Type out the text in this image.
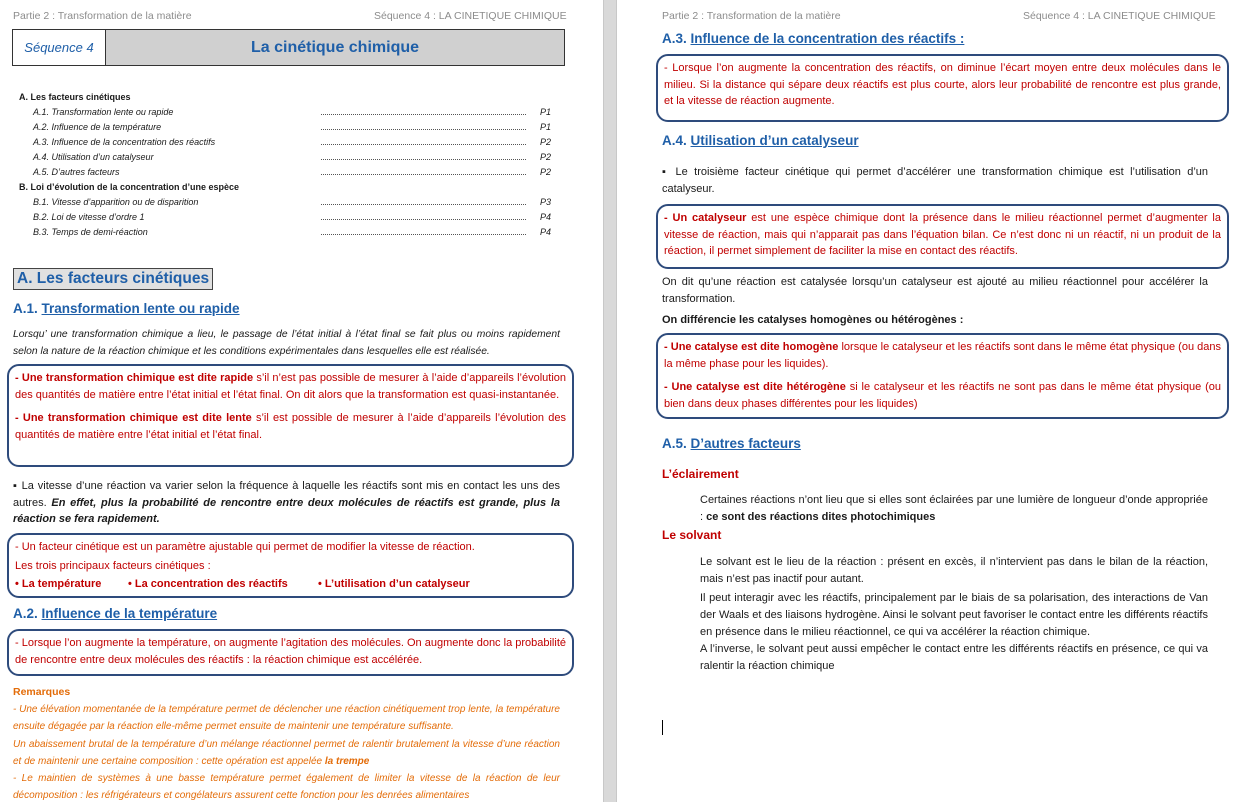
Partie 2 : Transformation de la matière	Séquence 4 : LA CINETIQUE CHIMIQUE
Séquence 4	La cinétique chimique
A. Les facteurs cinétiques
A.1. Transformation lente ou rapide	P1
A.2. Influence de la température	P1
A.3. Influence de la concentration des réactifs	P2
A.4. Utilisation d’un catalyseur	P2
A.5. D’autres facteurs	P2
B. Loi d’évolution de la concentration d’une espèce
B.1. Vitesse d’apparition ou de disparition	P3
B.2. Loi de vitesse d’ordre 1	P4
B.3. Temps de demi-réaction	P4
A. Les facteurs cinétiques
A.1. Transformation lente ou rapide
Lorsqu’ une transformation chimique a lieu, le passage de l’état initial à l’état final se fait plus ou moins rapidement selon la nature de la réaction chimique et les conditions expérimentales dans lesquelles elle est réalisée.

- Une transformation chimique est dite rapide s’il n’est pas possible de mesurer à l’aide d’appareils l’évolution des quantités de matière entre l’état initial et l’état final. On dit alors que la transformation est quasi-instantanée.

- Une transformation chimique est dite lente s’il est possible de mesurer à l’aide d’appareils l’évolution des quantités de matière entre l’état initial et l’état final.

▪ La vitesse d’une réaction va varier selon la fréquence à laquelle les réactifs sont mis en contact les uns des autres. En effet, plus la probabilité de rencontre entre deux molécules de réactifs est grande, plus la réaction se fera rapidement.

- Un facteur cinétique est un paramètre ajustable qui permet de modifier la vitesse de réaction.

Les trois principaux facteurs cinétiques :

• La température	• La concentration des réactifs	• L’utilisation d’un catalyseur
A.2. Influence de la température

- Lorsque l’on augmente la température, on augmente l’agitation des molécules. On augmente donc la probabilité de rencontre entre deux molécules des réactifs : la réaction chimique est accélérée.

Remarques
- Une élévation momentanée de la température permet de déclencher une réaction cinétiquement trop lente, la température ensuite dégagée par la réaction elle-même permet ensuite de maintenir une température suffisante.
Un abaissement brutal de la température d’un mélange réactionnel permet de ralentir brutalement la vitesse d’une réaction et de maintenir une certaine composition : cette opération est appelée la trempe
- Le maintien de systèmes à une basse température permet également de limiter la vitesse de la réaction de leur décomposition : les réfrigérateurs et congélateurs assurent cette fonction pour les denrées alimentaires
Partie 2 : Transformation de la matière	Séquence 4 : LA CINETIQUE CHIMIQUE
A.3. Influence de la concentration des réactifs :

- Lorsque l’on augmente la concentration des réactifs, on diminue l’écart moyen entre deux molécules dans le milieu. Si la distance qui sépare deux réactifs est plus courte, alors leur probabilité de rencontre est plus grande, et la vitesse de réaction augmente.

A.4. Utilisation d’un catalyseur
▪ Le troisième facteur cinétique qui permet d’accélérer une transformation chimique est l’utilisation d’un catalyseur.

- Un catalyseur est une espèce chimique dont la présence dans le milieu réactionnel permet d’augmenter la vitesse de réaction, mais qui n’apparait pas dans l’équation bilan. Ce n’est donc ni un réactif, ni un produit de la réaction, il permet simplement de faciliter la mise en contact des réactifs.

On dit qu’une réaction est catalysée lorsqu’un catalyseur est ajouté au milieu réactionnel pour accélérer la transformation.
On différencie les catalyses homogènes ou hétérogènes :

- Une catalyse est dite homogène lorsque le catalyseur et les réactifs sont dans le même état physique (ou dans la même phase pour les liquides).

- Une catalyse est dite hétérogène si le catalyseur et les réactifs ne sont pas dans le même état physique (ou bien dans deux phases différentes pour les liquides)

A.5. D’autres facteurs
L’éclairement
Certaines réactions n’ont lieu que si elles sont éclairées par une lumière de longueur d’onde appropriée : ce sont des réactions dites photochimiques
Le solvant
Le solvant est le lieu de la réaction : présent en excès, il n’intervient pas dans le bilan de la réaction, mais n’est pas inactif pour autant.
Il peut interagir avec les réactifs, principalement par le biais de sa polarisation, des interactions de Van der Waals et des liaisons hydrogène. Ainsi le solvant peut favoriser le contact entre les différents réactifs en présence dans le milieu réactionnel, ce qui va accélérer la réaction chimique.
A l’inverse, le solvant peut aussi empêcher le contact entre les différents réactifs en présence, ce qui va ralentir la réaction chimique
